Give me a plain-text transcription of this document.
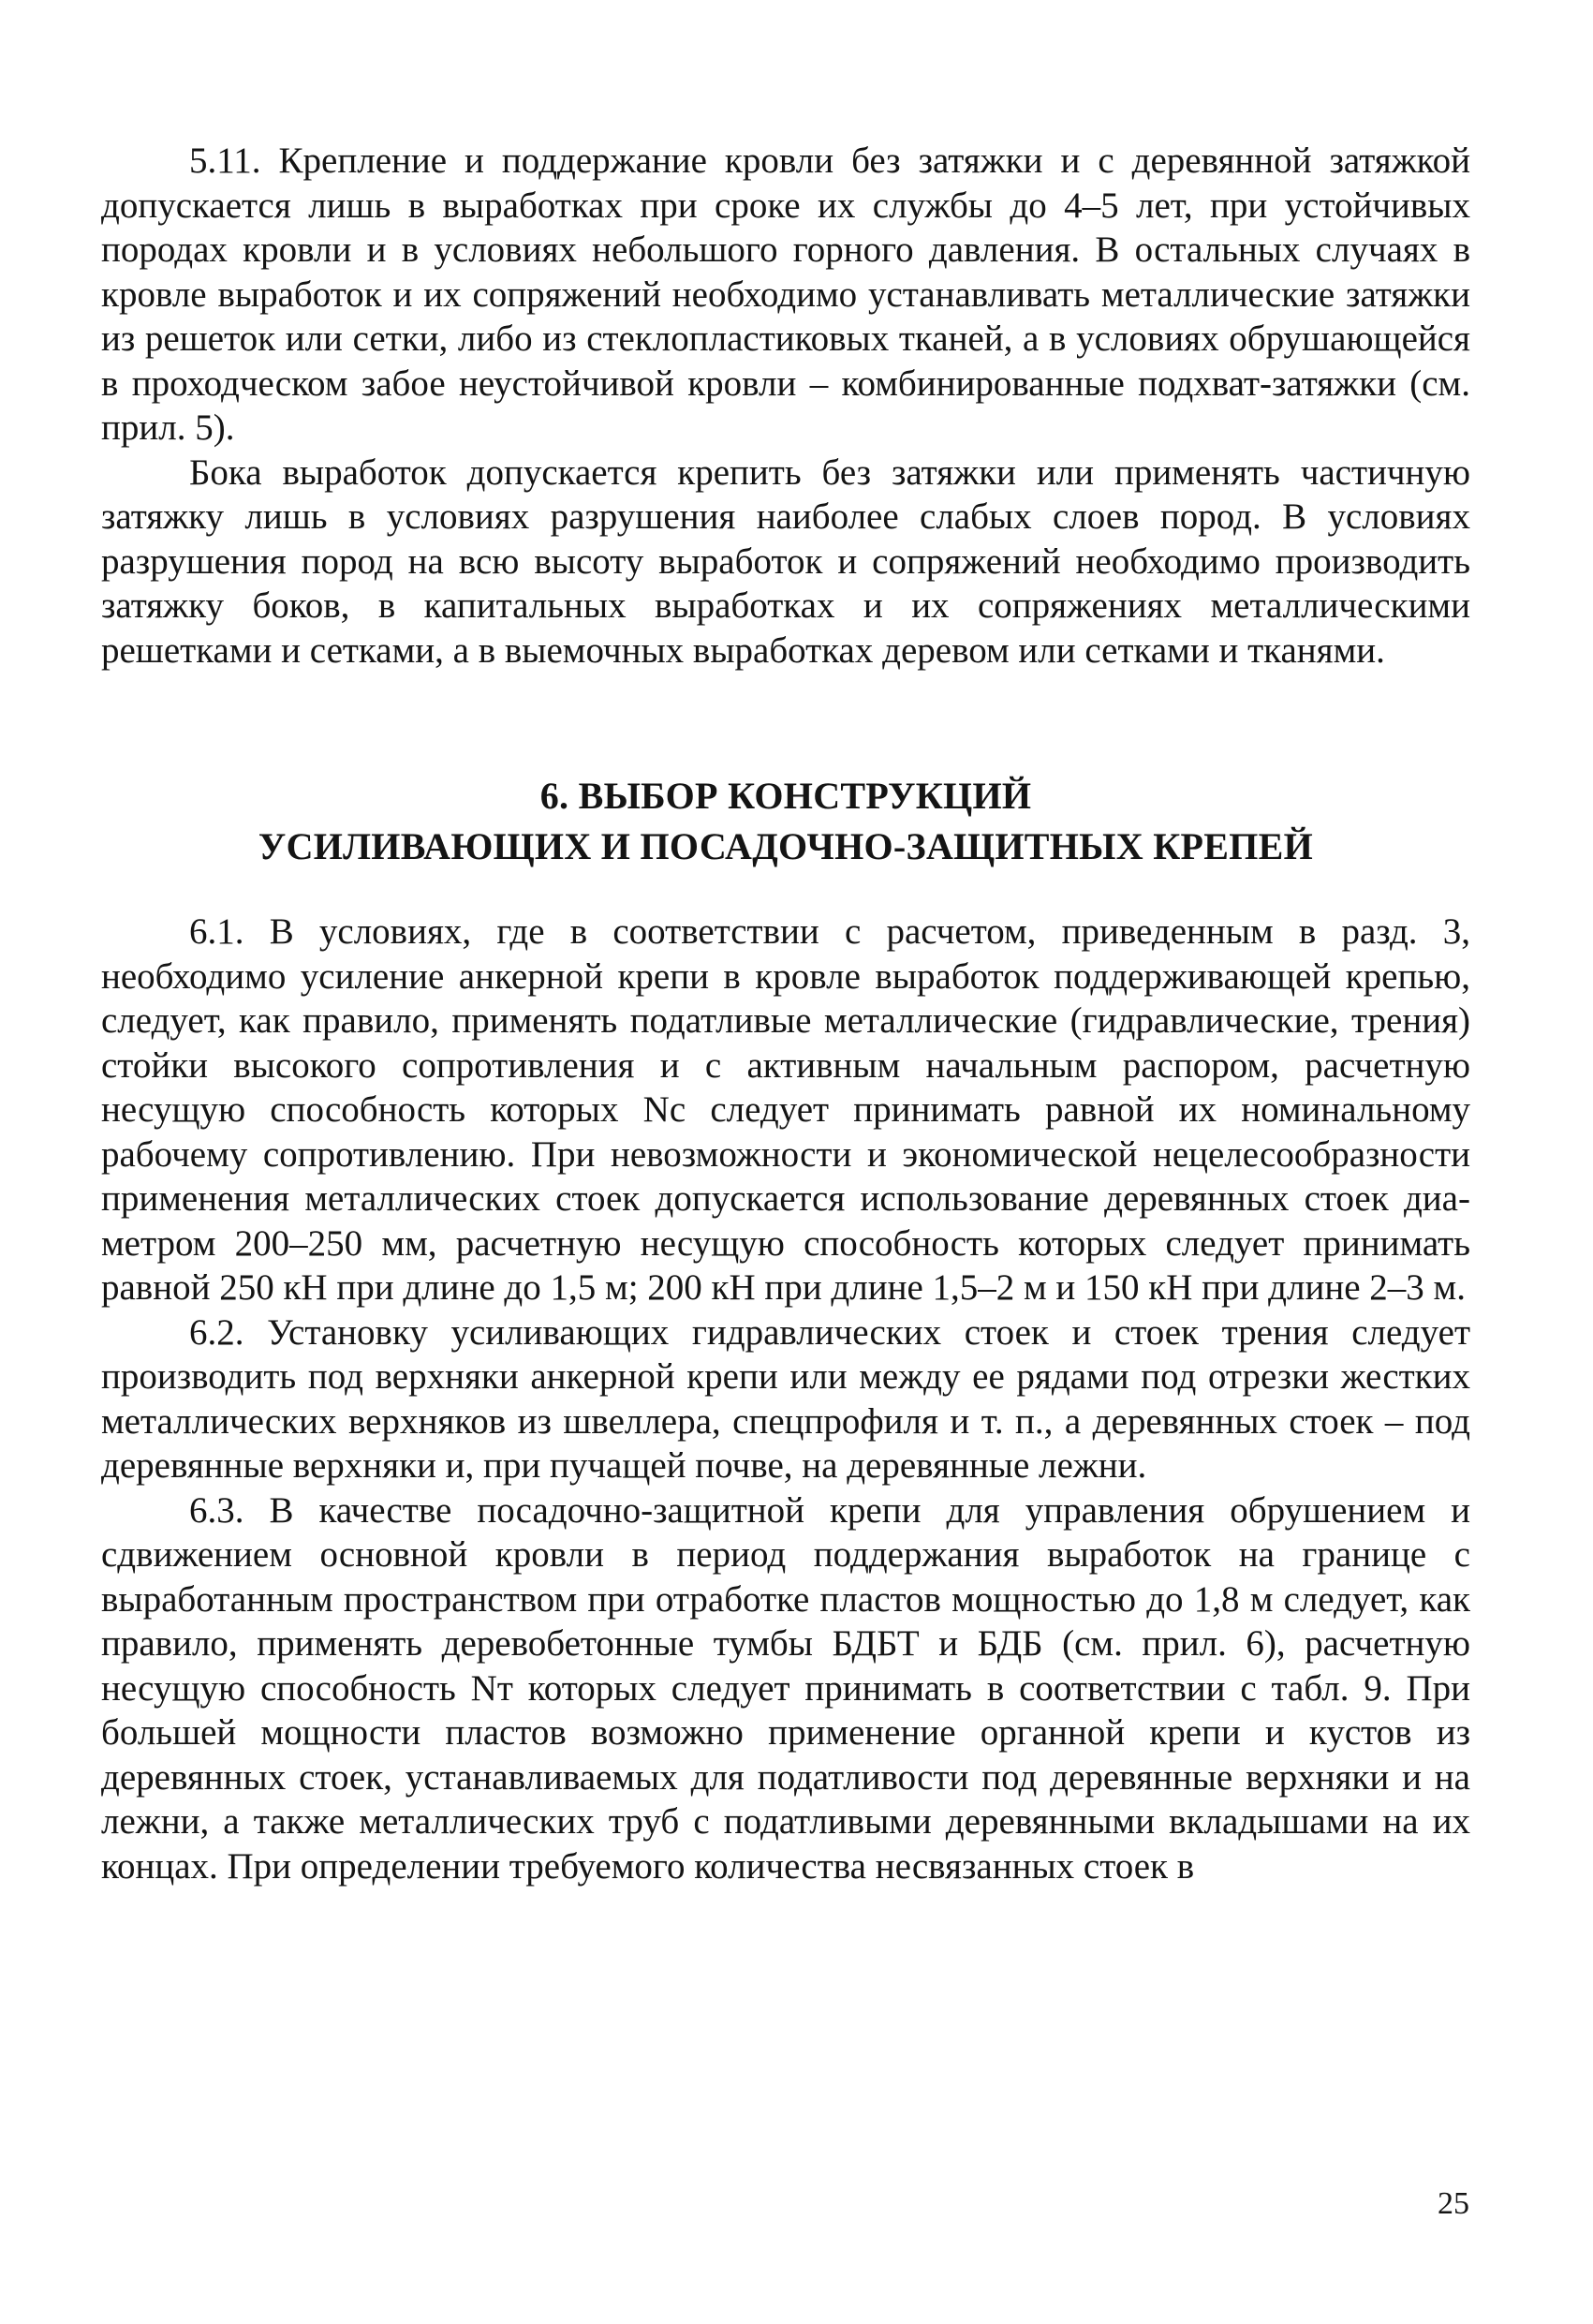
5.11. Крепление и поддержание кровли без затяжки и с деревянной затяжкой допускается лишь в выработках при сроке их службы до 4–5 лет, при устойчивых породах кровли и в условиях небольшого горного давления. В остальных случаях в кровле выработок и их сопряжений необходимо устанавливать металлические затяжки из решеток или сетки, либо из стеклопластиковых тканей, а в условиях обрушающейся в проходческом забое неустойчивой кровли – комбинированные подхват-затяжки (см. прил. 5).

Бока выработок допускается крепить без затяжки или применять частичную затяжку лишь в условиях разрушения наиболее слабых слоев пород. В условиях разрушения пород на всю высоту выработок и сопряжений необходимо производить затяжку боков, в капитальных выработках и их сопряжениях металлическими решетками и сетками, а в выемочных выработках деревом или сетками и тканями.

6. ВЫБОР КОНСТРУКЦИЙ
УСИЛИВАЮЩИХ И ПОСАДОЧНО-ЗАЩИТНЫХ КРЕПЕЙ

6.1. В условиях, где в соответствии с расчетом, приведенным в разд. 3, необходимо усиление анкерной крепи в кровле выработок поддерживающей крепью, следует, как правило, применять податливые металлические (гидравлические, трения) стойки высокого сопротивления и с активным начальным распором, расчетную несущую способность которых Nс следует принимать равной их номинальному рабочему сопротивлению. При невозможности и экономической нецелесообразности применения металлических стоек допускается использование деревянных стоек диаметром 200–250 мм, расчетную несущую способность которых следует принимать равной 250 кН при длине до 1,5 м; 200 кН при длине 1,5–2 м и 150 кН при длине 2–3 м.

6.2. Установку усиливающих гидравлических стоек и стоек трения следует производить под верхняки анкерной крепи или между ее рядами под отрезки жестких металлических верхняков из швеллера, спецпрофиля и т. п., а деревянных стоек – под деревянные верхняки и, при пучащей почве, на деревянные лежни.

6.3. В качестве посадочно-защитной крепи для управления обрушением и сдвижением основной кровли в период поддержания выработок на границе с выработанным пространством при отработке пластов мощностью до 1,8 м следует, как правило, применять деревобетонные тумбы БДБТ и БДБ (см. прил. 6), расчетную несущую способность Nт которых следует принимать в соответствии с табл. 9. При большей мощности пластов возможно применение органной крепи и кустов из деревянных стоек, устанавливаемых для податливости под деревянные верхняки и на лежни, а также металлических труб с податливыми деревянными вкладышами на их концах. При определении требуемого количества несвязанных стоек в

25
